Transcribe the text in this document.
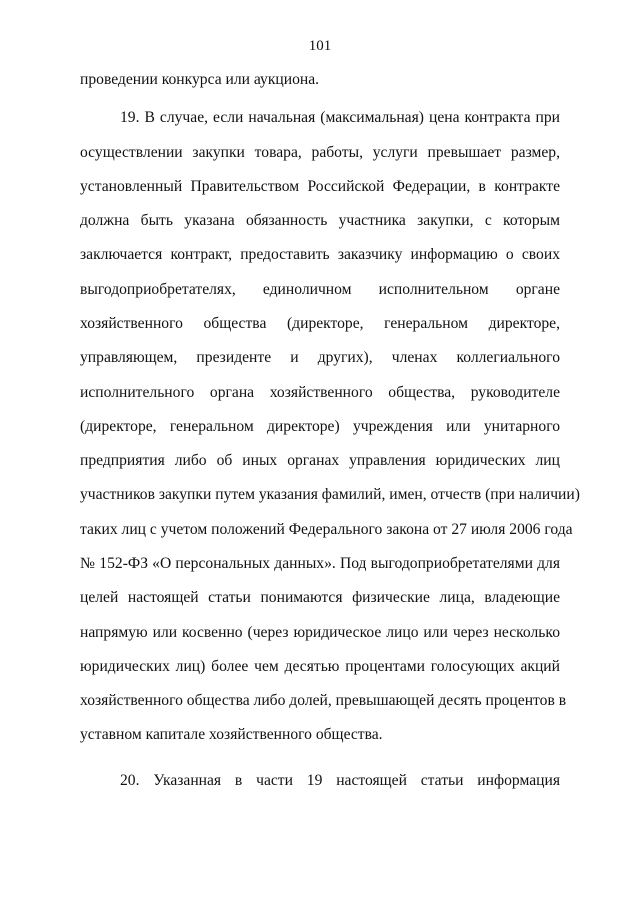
101
проведении конкурса или аукциона.
19. В случае, если начальная (максимальная) цена контракта при
осуществлении закупки товара, работы, услуги превышает размер,
установленный Правительством Российской Федерации, в контракте
должна быть указана обязанность участника закупки, с которым
заключается контракт, предоставить заказчику информацию о своих
выгодоприобретателях, единоличном исполнительном органе
хозяйственного общества (директоре, генеральном директоре,
управляющем, президенте и других), членах коллегиального
исполнительного органа хозяйственного общества, руководителе
(директоре, генеральном директоре) учреждения или унитарного
предприятия либо об иных органах управления юридических лиц
участников закупки путем указания фамилий, имен, отчеств (при наличии)
таких лиц с учетом положений Федерального закона от 27 июля 2006 года
№ 152-ФЗ «О персональных данных». Под выгодоприобретателями для
целей настоящей статьи понимаются физические лица, владеющие
напрямую или косвенно (через юридическое лицо или через несколько
юридических лиц) более чем десятью процентами голосующих акций
хозяйственного общества либо долей, превышающей десять процентов в
уставном капитале хозяйственного общества.
20. Указанная в части 19 настоящей статьи информация
